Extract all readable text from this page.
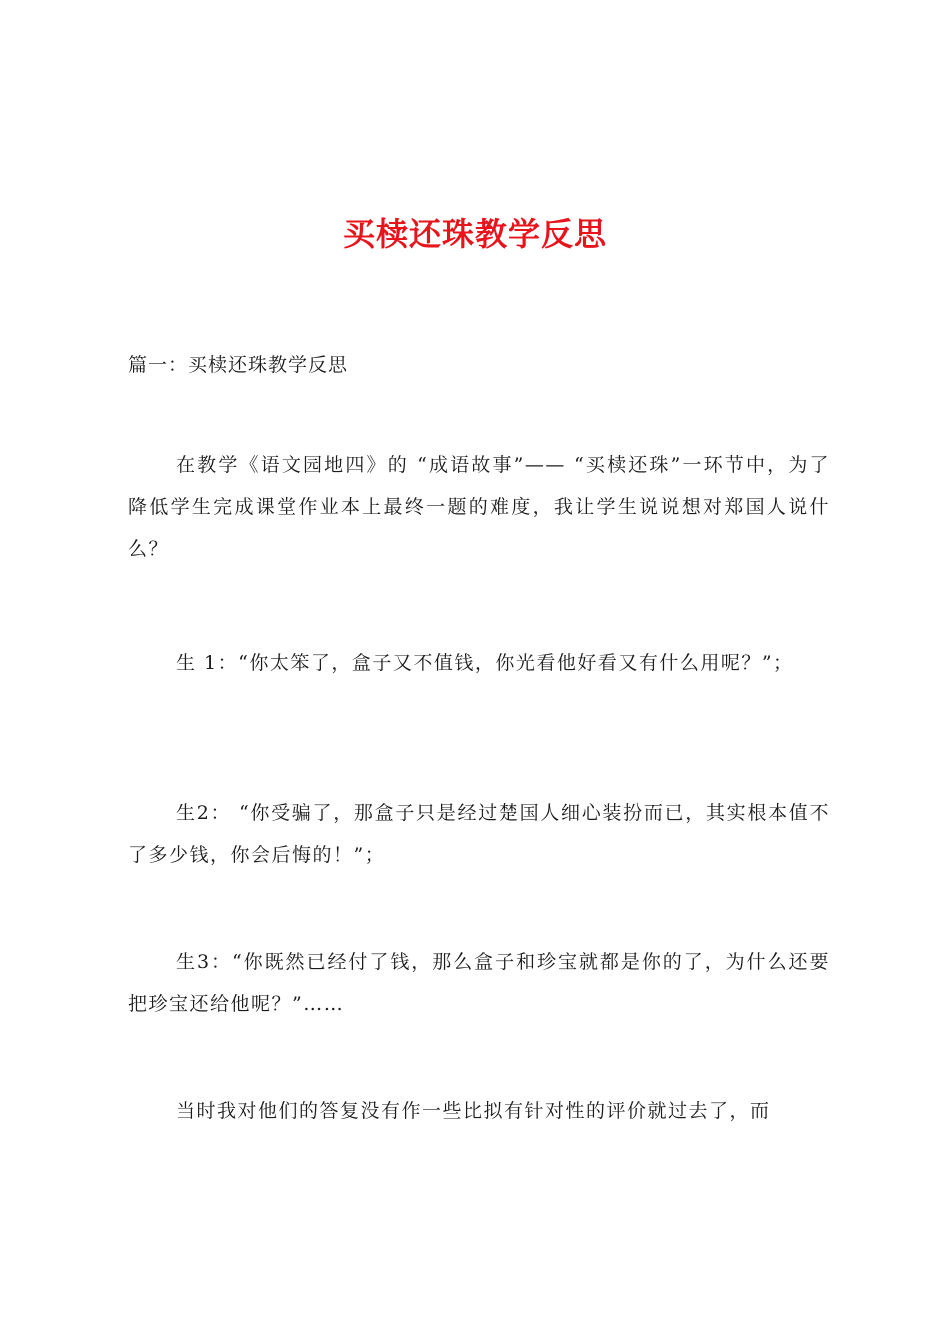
买椟还珠教学反思
篇一：买椟还珠教学反思
在教学《语文园地四》的 “成语故事”—— “买椟还珠”一环节中，为了降低学生完成课堂作业本上最终一题的难度，我让学生说说想对郑国人说什么？
生 1：“你太笨了，盒子又不值钱，你光看他好看又有什么用呢？”；
生2： “你受骗了，那盒子只是经过楚国人细心装扮而已，其实根本值不了多少钱，你会后悔的！”；
生3：“你既然已经付了钱，那么盒子和珍宝就都是你的了，为什么还要把珍宝还给他呢？”……
当时我对他们的答复没有作一些比拟有针对性的评价就过去了，而
